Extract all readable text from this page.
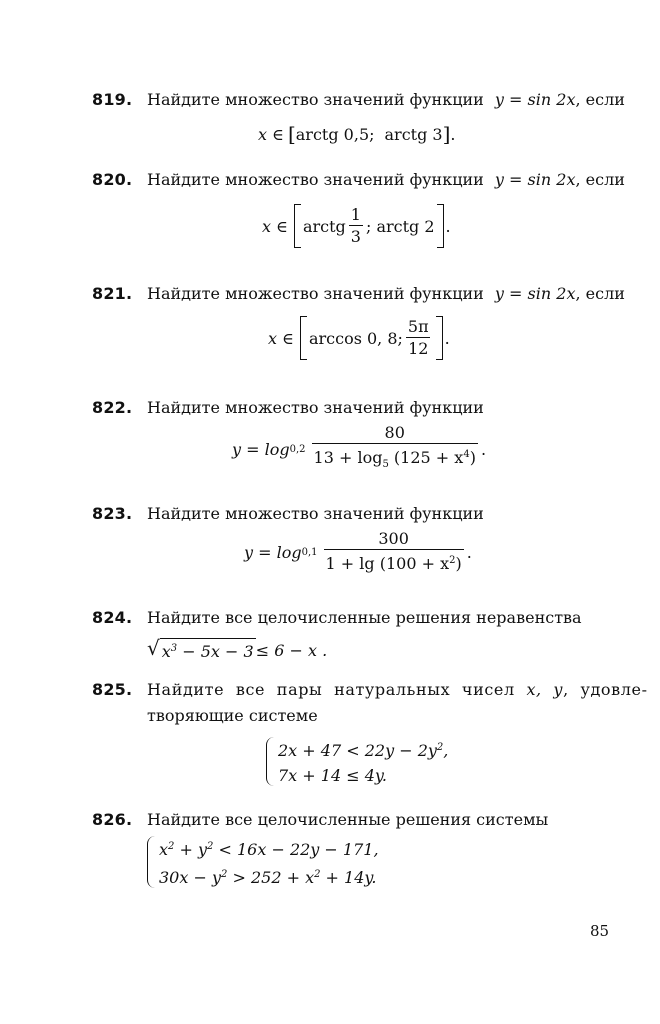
819. Найдите множество значений функции y = sin 2x, если
x ∈ [ arctg 0,5; arctg 3 ] .
820. Найдите множество значений функции y = sin 2x, если
x ∈ arctg $\frac{1}{3}$ ; arctg 2 .
821. Найдите множество значений функции y = sin 2x, если
x ∈ arccos 0, 8; $\frac{5\pi}{12}$ .
822. Найдите множество значений функции
$y = \log 0,2 \frac{80}{13 + \log_5 (125 + x^4)}$ .
823. Найдите множество значений функции
$y = \log 0,1 \frac{300}{1 + \lg (100 + x^2)}$ .
824. Найдите все целочисленные решения неравенства
√ $x^3 - 5x - 3 \le 6 - x$ .
825. Найдите все пары натуральных чисел x, y, удовле-
творяющие системе
$2x + 47 < 22y - 2y^2$,
7x + 14 ≤ 4y.
826. Найдите все целочисленные решения системы
$x^2 + y^2 < 16x - 22y - 171$,
$30x - y^2 > 252 + x^2 + 14y$.
85
